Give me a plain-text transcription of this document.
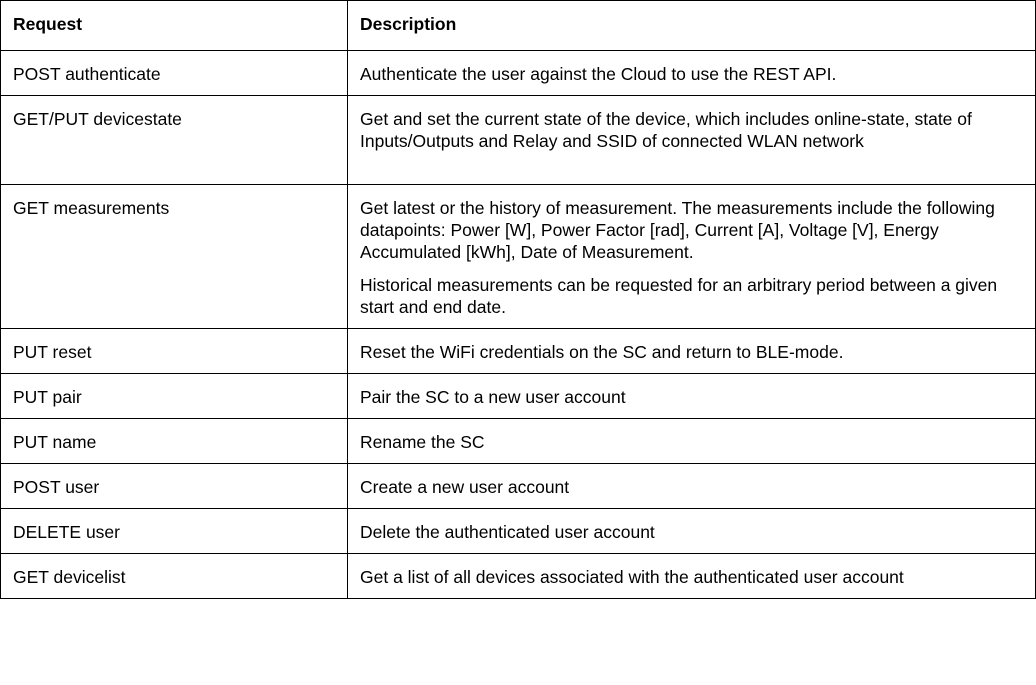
Request	Description
POST authenticate	Authenticate the user against the Cloud to use the REST API.

GET/PUT devicestate	Get and set the current state of the device, which includes online-state, state of Inputs/Outputs and Relay and SSID of connected WLAN network

GET measurements	Get latest or the history of measurement. The measurements include the following datapoints: Power [W], Power Factor [rad], Current [A], Voltage [V], Energy Accumulated [kWh], Date of Measurement.

Historical measurements can be requested for an arbitrary period between a given start and end date.

PUT reset	Reset the WiFi credentials on the SC and return to BLE-mode.

PUT pair	Pair the SC to a new user account

PUT name	Rename the SC

POST user	Create a new user account

DELETE user	Delete the authenticated user account

GET devicelist	Get a list of all devices associated with the authenticated user account
